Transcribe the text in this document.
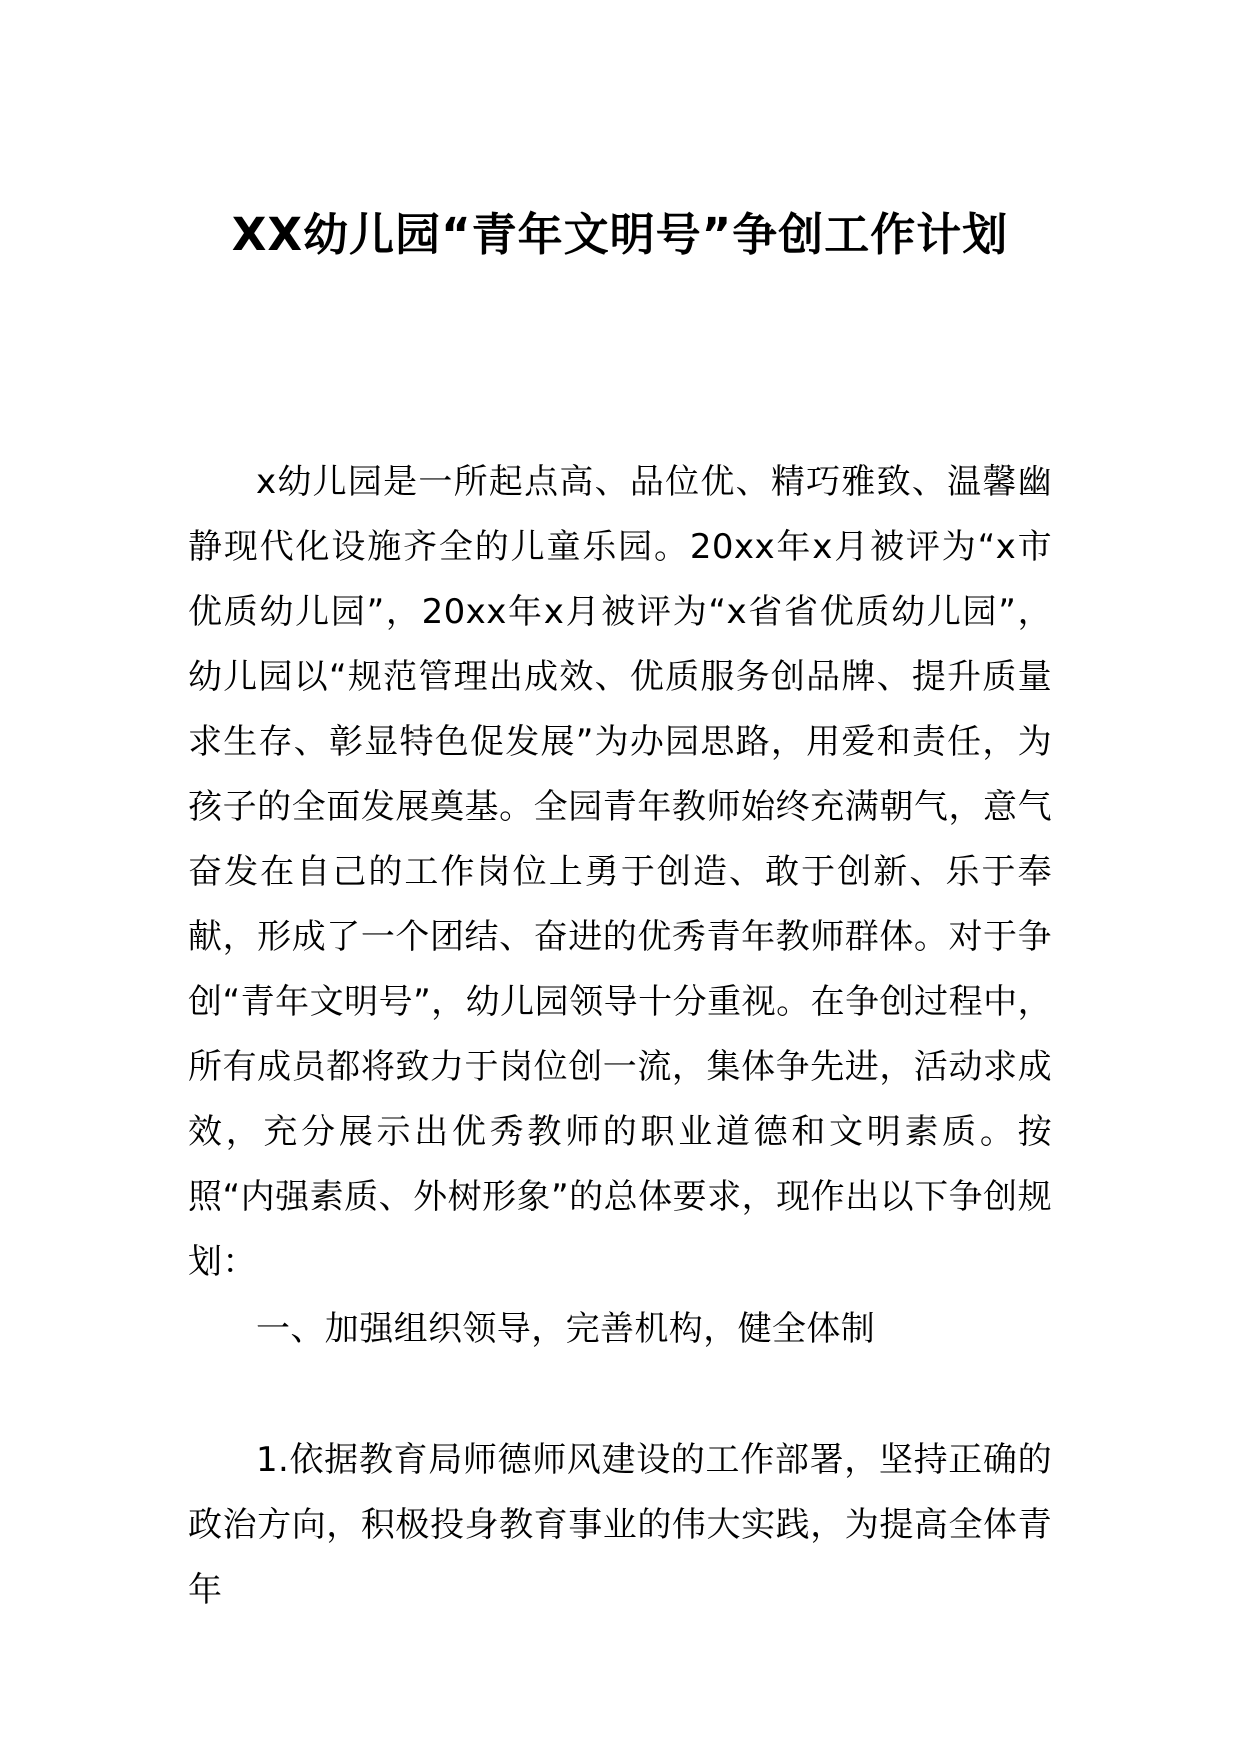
XX幼儿园“青年文明号”争创工作计划

x幼儿园是一所起点高、品位优、精巧雅致、温馨幽静现代化设施齐全的儿童乐园。20xx年x月被评为“x市优质幼儿园”，20xx年x月被评为“x省省优质幼儿园”，幼儿园以“规范管理出成效、优质服务创品牌、提升质量求生存、彰显特色促发展”为办园思路，用爱和责任，为孩子的全面发展奠基。全园青年教师始终充满朝气，意气奋发在自己的工作岗位上勇于创造、敢于创新、乐于奉献，形成了一个团结、奋进的优秀青年教师群体。对于争创“青年文明号”，幼儿园领导十分重视。在争创过程中，所有成员都将致力于岗位创一流，集体争先进，活动求成效，充分展示出优秀教师的职业道德和文明素质。按照“内强素质、外树形象”的总体要求，现作出以下争创规划：

一、加强组织领导，完善机构，健全体制

1.依据教育局师德师风建设的工作部署，坚持正确的政治方向，积极投身教育事业的伟大实践，为提高全体青年
